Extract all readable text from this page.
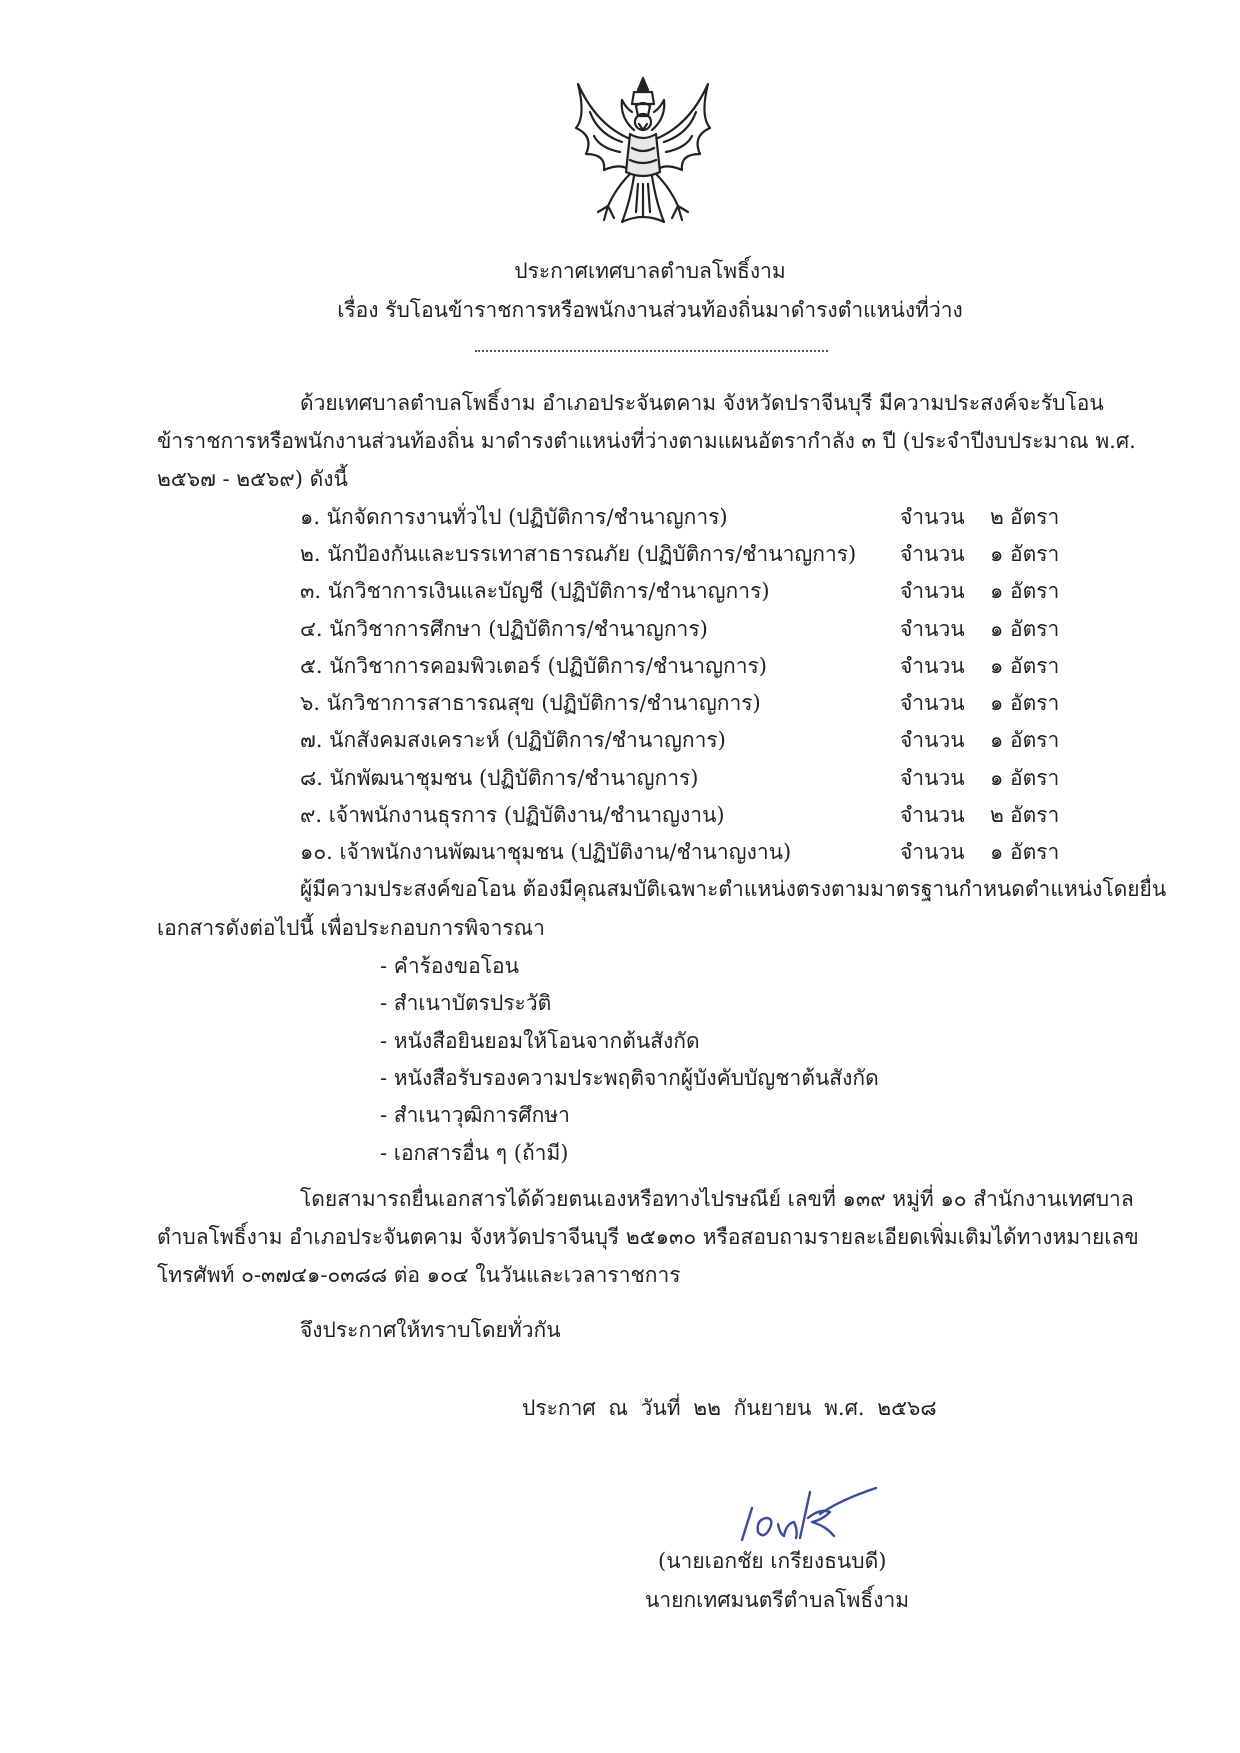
ประกาศเทศบาลตำบลโพธิ์งาม
เรื่อง รับโอนข้าราชการหรือพนักงานส่วนท้องถิ่นมาดำรงตำแหน่งที่ว่าง
ด้วยเทศบาลตำบลโพธิ์งาม อำเภอประจันตคาม จังหวัดปราจีนบุรี มีความประสงค์จะรับโอน
ข้าราชการหรือพนักงานส่วนท้องถิ่น มาดำรงตำแหน่งที่ว่างตามแผนอัตรากำลัง ๓ ปี (ประจำปีงบประมาณ พ.ศ.
๒๕๖๗ - ๒๕๖๙) ดังนี้
๑. นักจัดการงานทั่วไป (ปฏิบัติการ/ชำนาญการ)	จำนวน ๒ อัตรา
๒. นักป้องกันและบรรเทาสาธารณภัย (ปฏิบัติการ/ชำนาญการ) จำนวน ๑ อัตรา
๓. นักวิชาการเงินและบัญชี (ปฏิบัติการ/ชำนาญการ)	จำนวน ๑ อัตรา
๔. นักวิชาการศึกษา (ปฏิบัติการ/ชำนาญการ)	จำนวน ๑ อัตรา
๕. นักวิชาการคอมพิวเตอร์ (ปฏิบัติการ/ชำนาญการ)	จำนวน ๑ อัตรา
๖. นักวิชาการสาธารณสุข (ปฏิบัติการ/ชำนาญการ)	จำนวน ๑ อัตรา
๗. นักสังคมสงเคราะห์ (ปฏิบัติการ/ชำนาญการ)	จำนวน ๑ อัตรา
๘. นักพัฒนาชุมชน (ปฏิบัติการ/ชำนาญการ)	จำนวน ๑ อัตรา
๙. เจ้าพนักงานธุรการ (ปฏิบัติงาน/ชำนาญงาน)	จำนวน ๒ อัตรา
๑๐. เจ้าพนักงานพัฒนาชุมชน (ปฏิบัติงาน/ชำนาญงาน)	จำนวน ๑ อัตรา
ผู้มีความประสงค์ขอโอน ต้องมีคุณสมบัติเฉพาะตำแหน่งตรงตามมาตรฐานกำหนดตำแหน่งโดยยื่น
เอกสารดังต่อไปนี้ เพื่อประกอบการพิจารณา
- คำร้องขอโอน
- สำเนาบัตรประวัติ
- หนังสือยินยอมให้โอนจากต้นสังกัด
- หนังสือรับรองความประพฤติจากผู้บังคับบัญชาต้นสังกัด
- สำเนาวุฒิการศึกษา
- เอกสารอื่น ๆ (ถ้ามี)
โดยสามารถยื่นเอกสารได้ด้วยตนเองหรือทางไปรษณีย์ เลขที่ ๑๓๙ หมู่ที่ ๑๐ สำนักงานเทศบาล
ตำบลโพธิ์งาม อำเภอประจันตคาม จังหวัดปราจีนบุรี ๒๕๑๓๐ หรือสอบถามรายละเอียดเพิ่มเติมได้ทางหมายเลข
โทรศัพท์ ๐-๓๗๔๑-๐๓๘๘ ต่อ ๑๐๔ ในวันและเวลาราชการ
จึงประกาศให้ทราบโดยทั่วกัน
ประกาศ ณ วันที่ ๒๒ กันยายน พ.ศ. ๒๕๖๘
(นายเอกชัย เกรียงธนบดี)
นายกเทศมนตรีตำบลโพธิ์งาม
